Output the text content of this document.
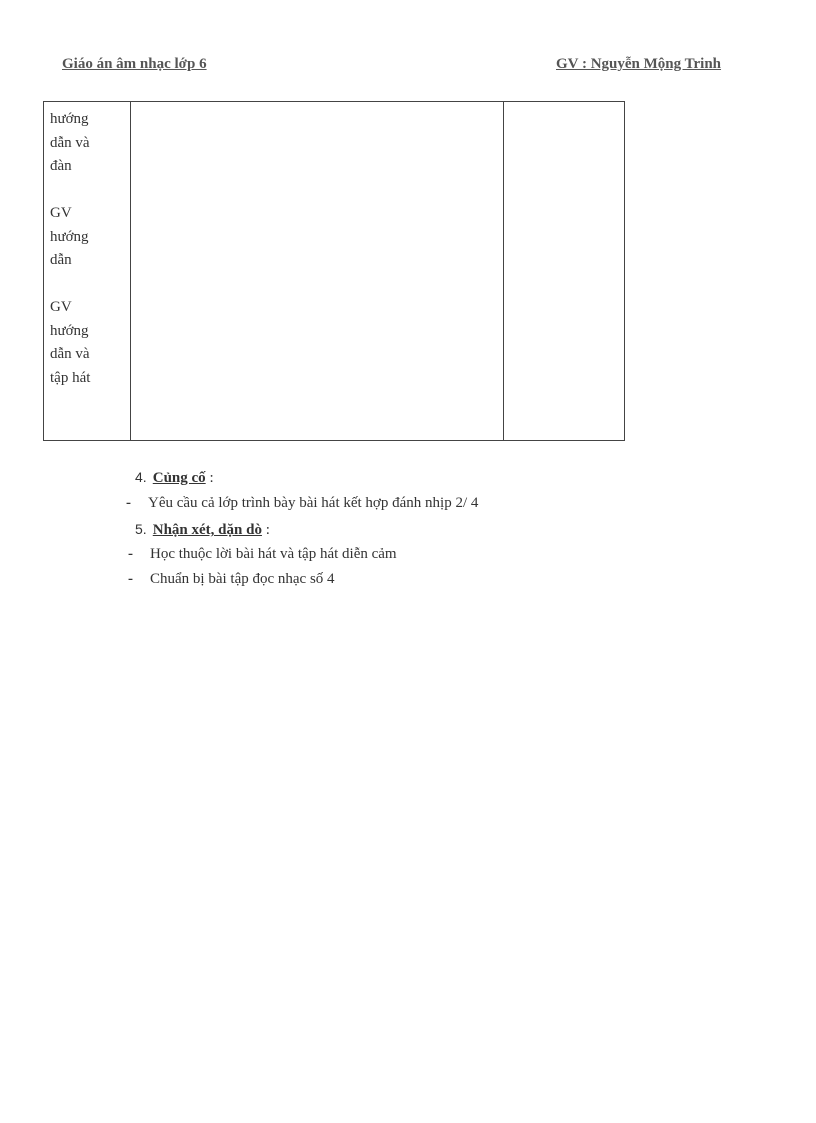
Giáo án âm nhạc lớp 6	GV : Nguyễn Mộng Trinh
hướng
dẫn và
đàn
GV
hướng
dẫn
GV
hướng
dẫn và
tập hát

4. Củng cố :
- Yêu cầu cả lớp trình bày bài hát kết hợp đánh nhịp 2/ 4
5. Nhận xét, dặn dò :
- Học thuộc lời bài hát và tập hát diễn cảm
- Chuẩn bị bài tập đọc nhạc số 4
